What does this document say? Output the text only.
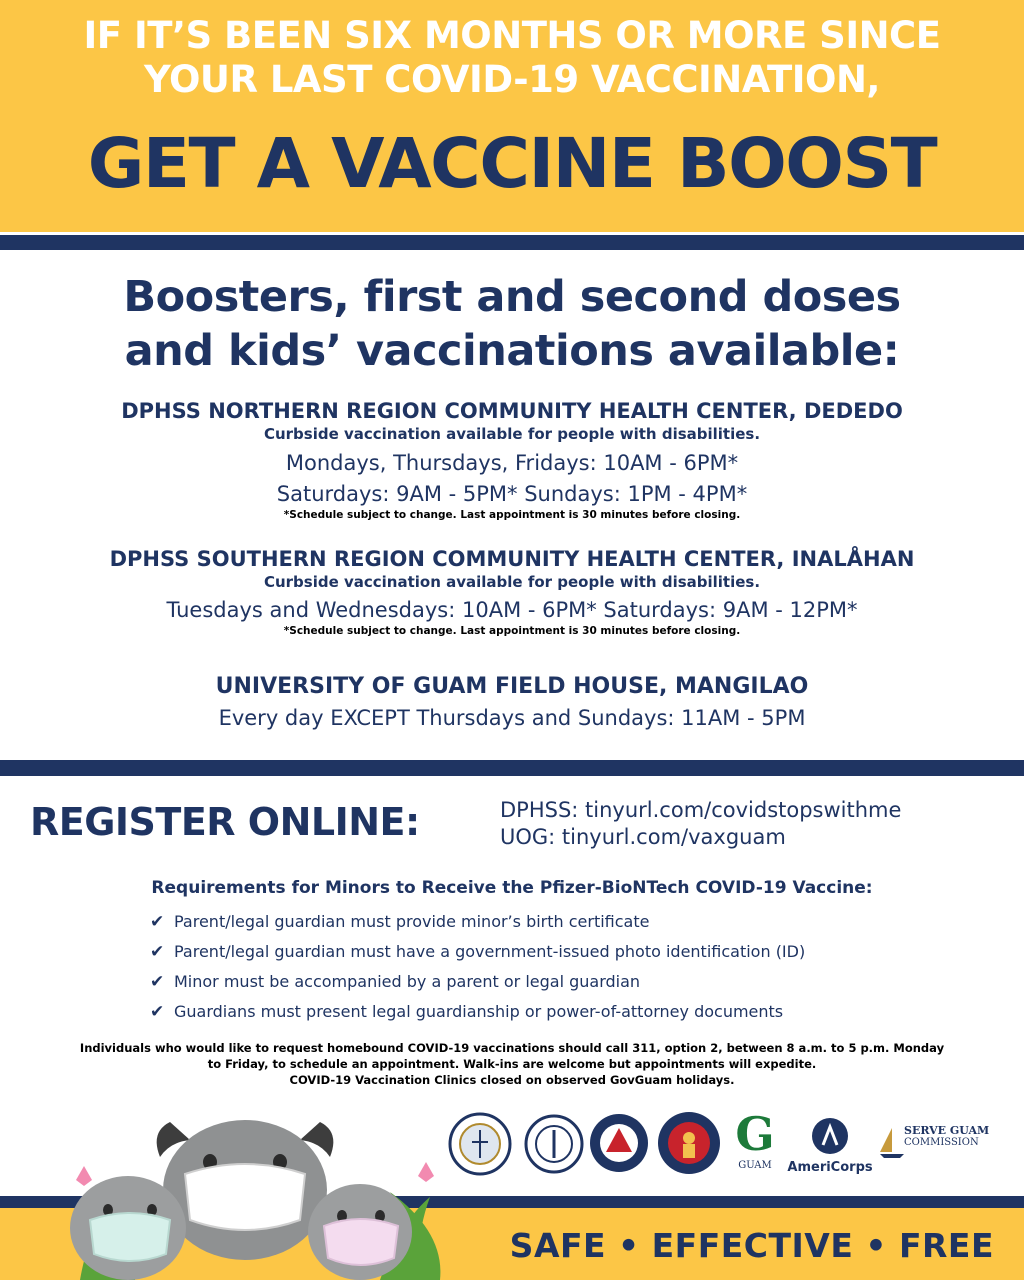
IF IT’S BEEN SIX MONTHS OR MORE SINCE
YOUR LAST COVID-19 VACCINATION,
GET A VACCINE BOOST
Boosters, first and second doses
and kids’ vaccinations available:
DPHSS NORTHERN REGION COMMUNITY HEALTH CENTER, DEDEDO
Curbside vaccination available for people with disabilities.
Mondays, Thursdays, Fridays: 10AM - 6PM*
Saturdays: 9AM - 5PM* Sundays: 1PM - 4PM*
*Schedule subject to change. Last appointment is 30 minutes before closing.
DPHSS SOUTHERN REGION COMMUNITY HEALTH CENTER, INALÅHAN
Curbside vaccination available for people with disabilities.
Tuesdays and Wednesdays: 10AM - 6PM* Saturdays: 9AM - 12PM*
*Schedule subject to change. Last appointment is 30 minutes before closing.
UNIVERSITY OF GUAM FIELD HOUSE, MANGILAO
Every day EXCEPT Thursdays and Sundays: 11AM - 5PM
REGISTER ONLINE:	DPHSS: tinyurl.com/covidstopswithme
UOG: tinyurl.com/vaxguam
Requirements for Minors to Receive the Pfizer-BioNTech COVID-19 Vaccine:
✔ Parent/legal guardian must provide minor’s birth certificate
✔ Parent/legal guardian must have a government-issued photo identification (ID)
✔ Minor must be accompanied by a parent or legal guardian
✔ Guardians must present legal guardianship or power-of-attorney documents
Individuals who would like to request homebound COVID-19 vaccinations should call 311, option 2, between 8 a.m. to 5 p.m. Monday
to Friday, to schedule an appointment. Walk-ins are welcome but appointments will expedite.
COVID-19 Vaccination Clinics closed on observed GovGuam holidays.
G
GUAM	AmeriCorps
SERVE GUAM
COMMISSION
SAFE • EFFECTIVE • FREE
